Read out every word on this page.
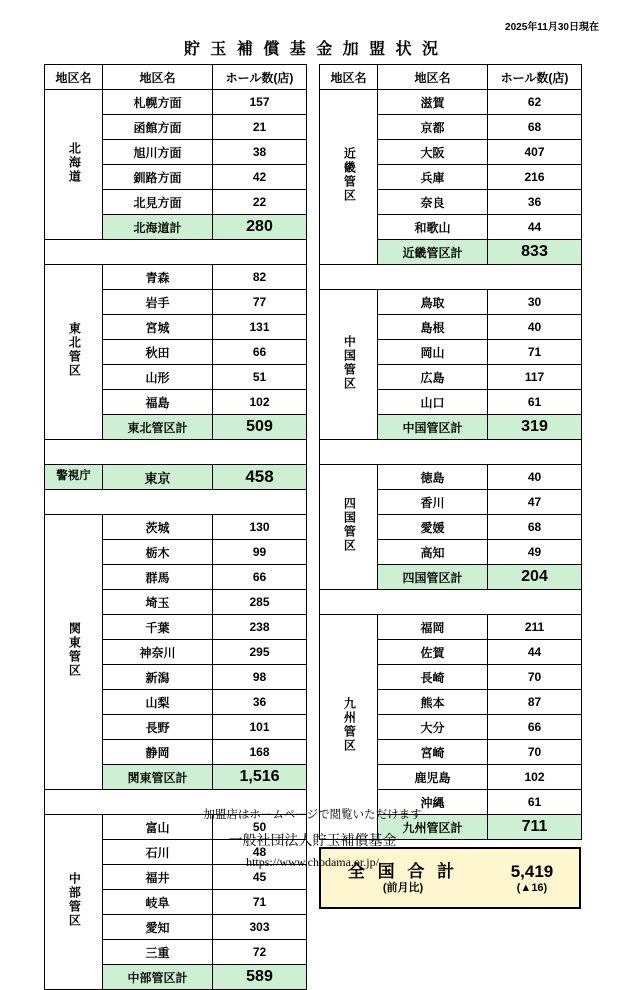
2025年11月30日現在
貯 玉 補 償 基 金 加 盟 状 況
地区名	地区名	ホール数(店)
北海道	札幌方面	157
	函館方面	21
	旭川方面	38
	釧路方面	42
	北見方面	22
	北海道計	280

東北管区	青森	82
	岩手	77
	宮城	131
	秋田	66
	山形	51
	福島	102
	東北管区計	509

警視庁	東京	458

関東管区	茨城	130
	栃木	99
	群馬	66
	埼玉	285
	千葉	238
	神奈川	295
	新潟	98
	山梨	36
	長野	101
	静岡	168
	関東管区計	1,516

中部管区	富山	50
	石川	48
	福井	45
	岐阜	71
	愛知	303
	三重	72
	中部管区計	589
地区名	地区名	ホール数(店)
近畿管区	滋賀	62
	京都	68
	大阪	407
	兵庫	216
	奈良	36
	和歌山	44
	近畿管区計	833

中国管区	鳥取	30
	島根	40
	岡山	71
	広島	117
	山口	61
	中国管区計	319

四国管区	徳島	40
	香川	47
	愛媛	68
	高知	49
	四国管区計	204

九州管区	福岡	211
	佐賀	44
	長崎	70
	熊本	87
	大分	66
	宮崎	70
	鹿児島	102
	沖縄	61
	九州管区計	711
全 国 合 計
(前月比)
5,419
(▲16)
加盟店はホームページで閲覧いただけます
一般社団法人貯玉補償基金
https://www.chodama.or.jp/
